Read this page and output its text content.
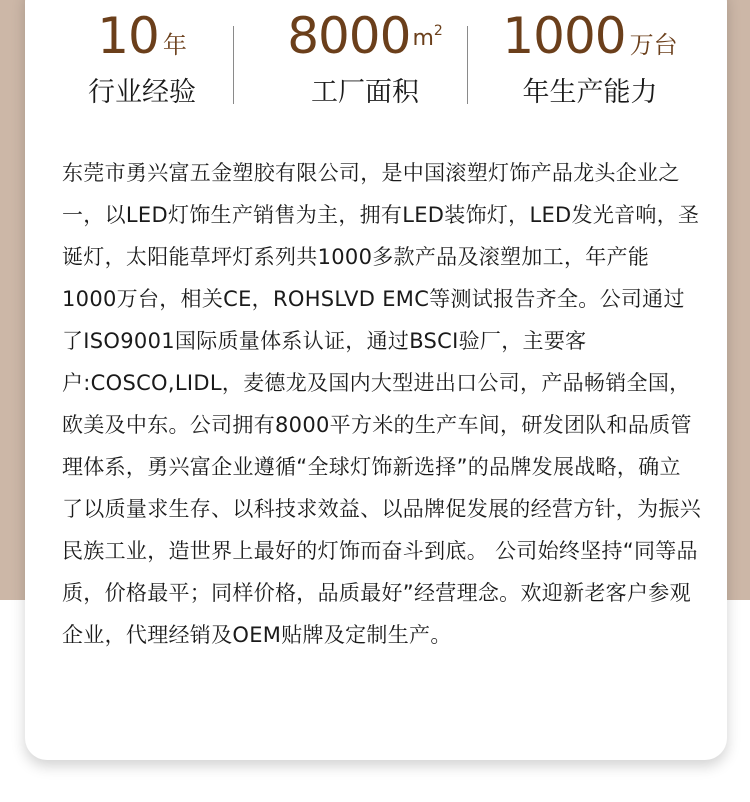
10 年
行业经验
$8000m^2$
工厂面积
1000 万台
年生产能力

东莞市勇兴富五金塑胶有限公司，是中国滚塑灯饰产品龙头企业之一，以LED灯饰生产销售为主，拥有LED装饰灯，LED发光音响，圣诞灯，太阳能草坪灯系列共1000多款产品及滚塑加工，年产能1000万台，相关CE，ROHSLVD EMC等测试报告齐全。公司通过了ISO9001国际质量体系认证，通过BSCI验厂，主要客户:COSCO,LIDL，麦德龙及国内大型进出口公司，产品畅销全国，欧美及中东。公司拥有8000平方米的生产车间，研发团队和品质管理体系，勇兴富企业遵循“全球灯饰新选择”的品牌发展战略，确立了以质量求生存、以科技求效益、以品牌促发展的经营方针，为振兴民族工业，造世界上最好的灯饰而奋斗到底。 公司始终坚持“同等品质，价格最平；同样价格，品质最好”经营理念。欢迎新老客户参观企业，代理经销及OEM贴牌及定制生产。
